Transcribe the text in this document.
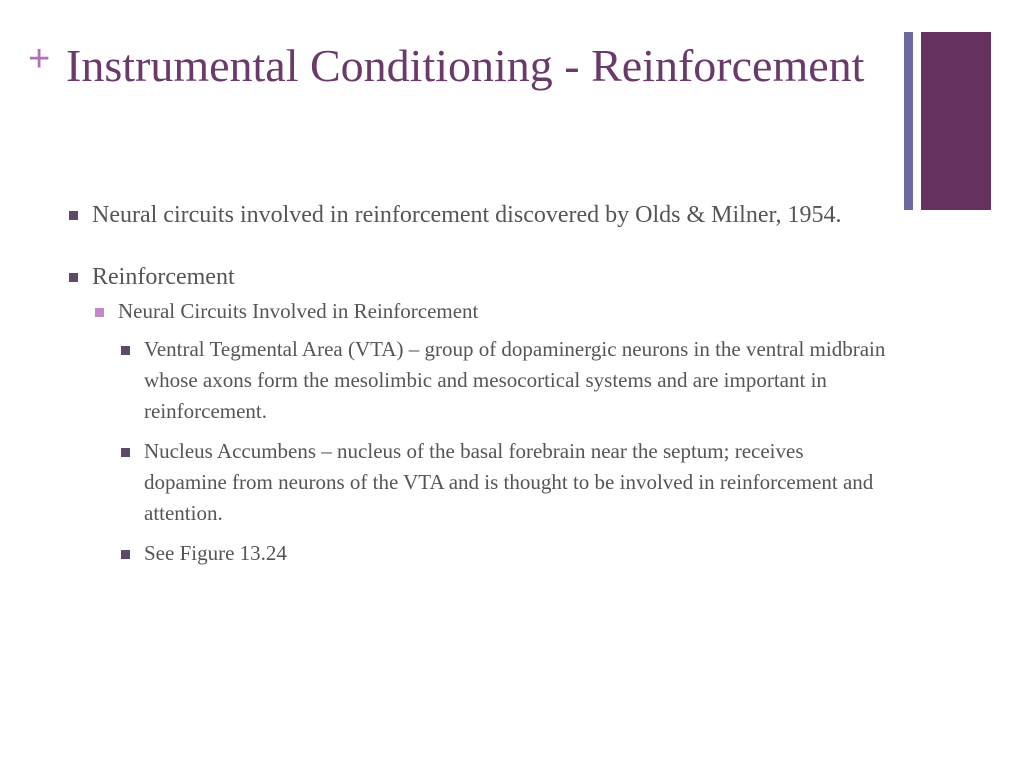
+ Instrumental Conditioning - Reinforcement
Neural circuits involved in reinforcement discovered by Olds & Milner, 1954.
Reinforcement
Neural Circuits Involved in Reinforcement
Ventral Tegmental Area (VTA) – group of dopaminergic neurons in the ventral midbrain whose axons form the mesolimbic and mesocortical systems and are important in reinforcement.
Nucleus Accumbens – nucleus of the basal forebrain near the septum; receives dopamine from neurons of the VTA and is thought to be involved in reinforcement and attention.
See Figure 13.24
